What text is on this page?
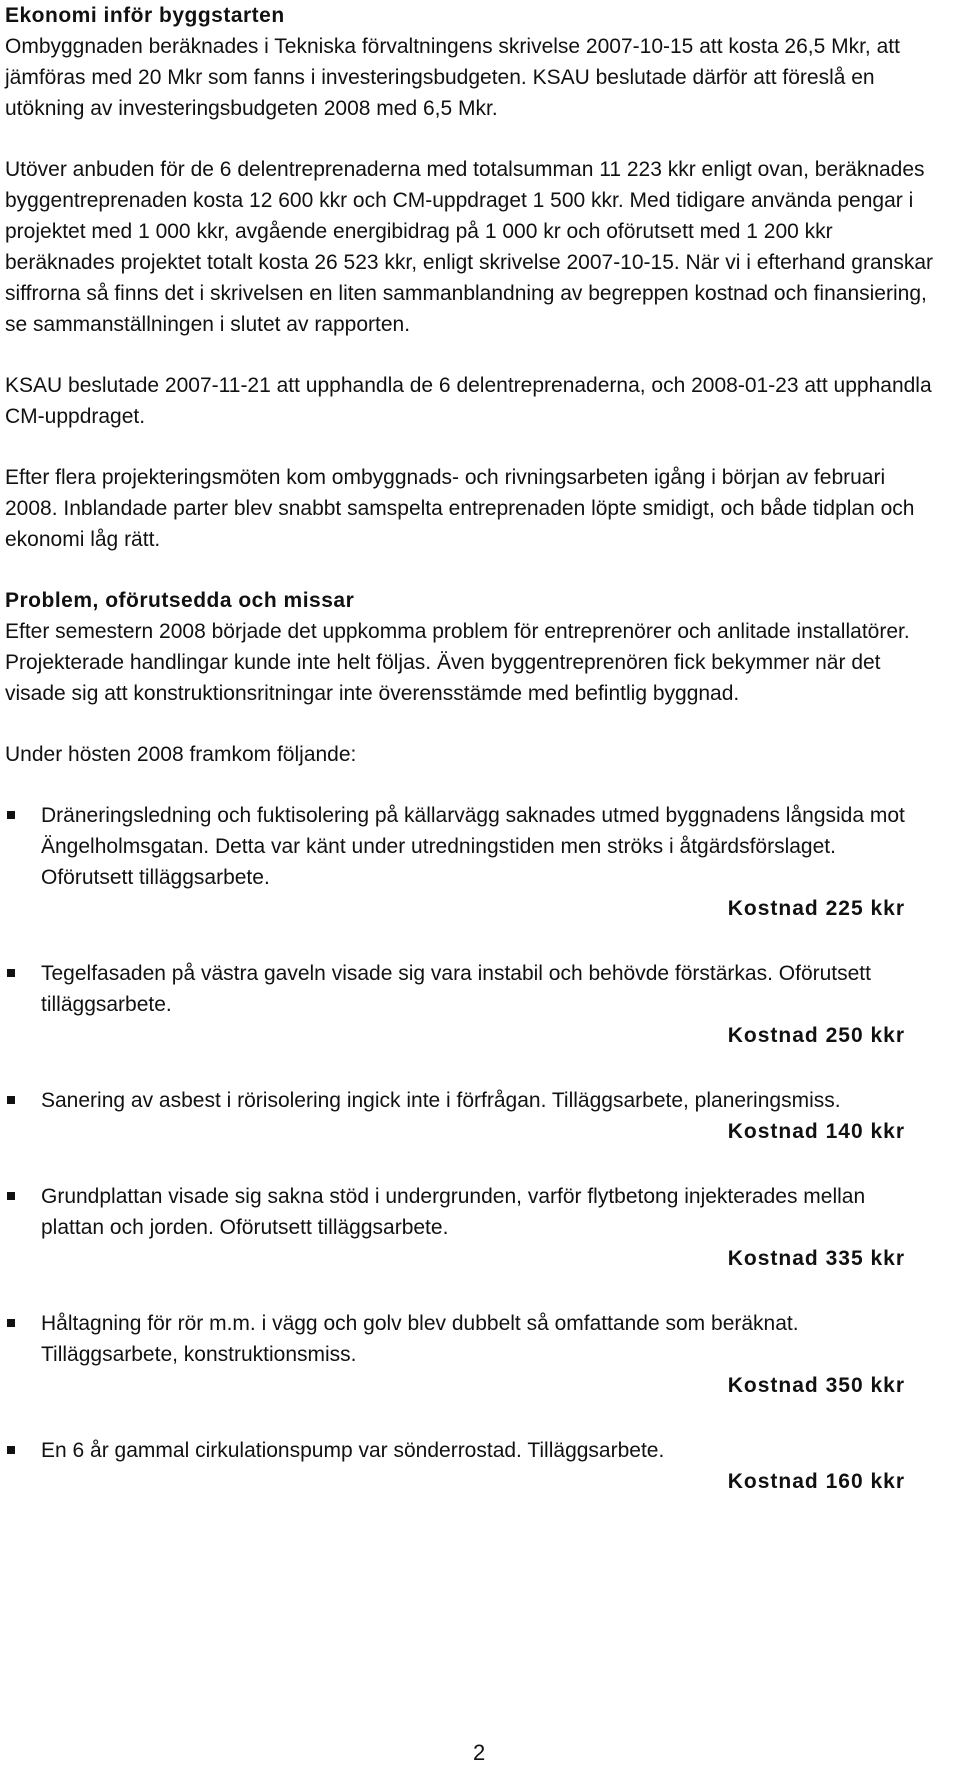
Ekonomi inför byggstarten
Ombyggnaden beräknades i Tekniska förvaltningens skrivelse 2007-10-15 att kosta 26,5 Mkr, att jämföras med 20 Mkr som fanns i investeringsbudgeten. KSAU beslutade därför att föreslå en utökning av investeringsbudgeten 2008 med 6,5 Mkr.

Utöver anbuden för de 6 delentreprenaderna med totalsumman 11 223 kkr enligt ovan, beräknades byggentreprenaden kosta 12 600 kkr och CM-uppdraget 1 500 kkr. Med tidigare använda pengar i projektet med 1 000 kkr, avgående energibidrag på 1 000 kr och oförutsett med 1 200 kkr beräknades projektet totalt kosta 26 523 kkr, enligt skrivelse 2007-10-15. När vi i efterhand granskar siffrorna så finns det i skrivelsen en liten sammanblandning av begreppen kostnad och finansiering, se sammanställningen i slutet av rapporten.

KSAU beslutade 2007-11-21 att upphandla de 6 delentreprenaderna, och 2008-01-23 att upphandla CM-uppdraget.

Efter flera projekteringsmöten kom ombyggnads- och rivningsarbeten igång i början av februari 2008. Inblandade parter blev snabbt samspelta entreprenaden löpte smidigt, och både tidplan och ekonomi låg rätt.

Problem, oförutsedda och missar
Efter semestern 2008 började det uppkomma problem för entreprenörer och anlitade installatörer. Projekterade handlingar kunde inte helt följas. Även byggentreprenören fick bekymmer när det visade sig att konstruktionsritningar inte överensstämde med befintlig byggnad.

Under hösten 2008 framkom följande:

Dräneringsledning och fuktisolering på källarvägg saknades utmed byggnadens långsida mot Ängelholmsgatan. Detta var känt under utredningstiden men ströks i åtgärdsförslaget. Oförutsett tilläggsarbete.
Kostnad 225 kkr
Tegelfasaden på västra gaveln visade sig vara instabil och behövde förstärkas. Oförutsett tilläggsarbete.
Kostnad 250 kkr
Sanering av asbest i rörisolering ingick inte i förfrågan. Tilläggsarbete, planeringsmiss.
Kostnad 140 kkr
Grundplattan visade sig sakna stöd i undergrunden, varför flytbetong injekterades mellan plattan och jorden. Oförutsett tilläggsarbete.
Kostnad 335 kkr
Håltagning för rör m.m. i vägg och golv blev dubbelt så omfattande som beräknat. Tilläggsarbete, konstruktionsmiss.
Kostnad 350 kkr
En 6 år gammal cirkulationspump var sönderrostad. Tilläggsarbete.
Kostnad 160 kkr
2
